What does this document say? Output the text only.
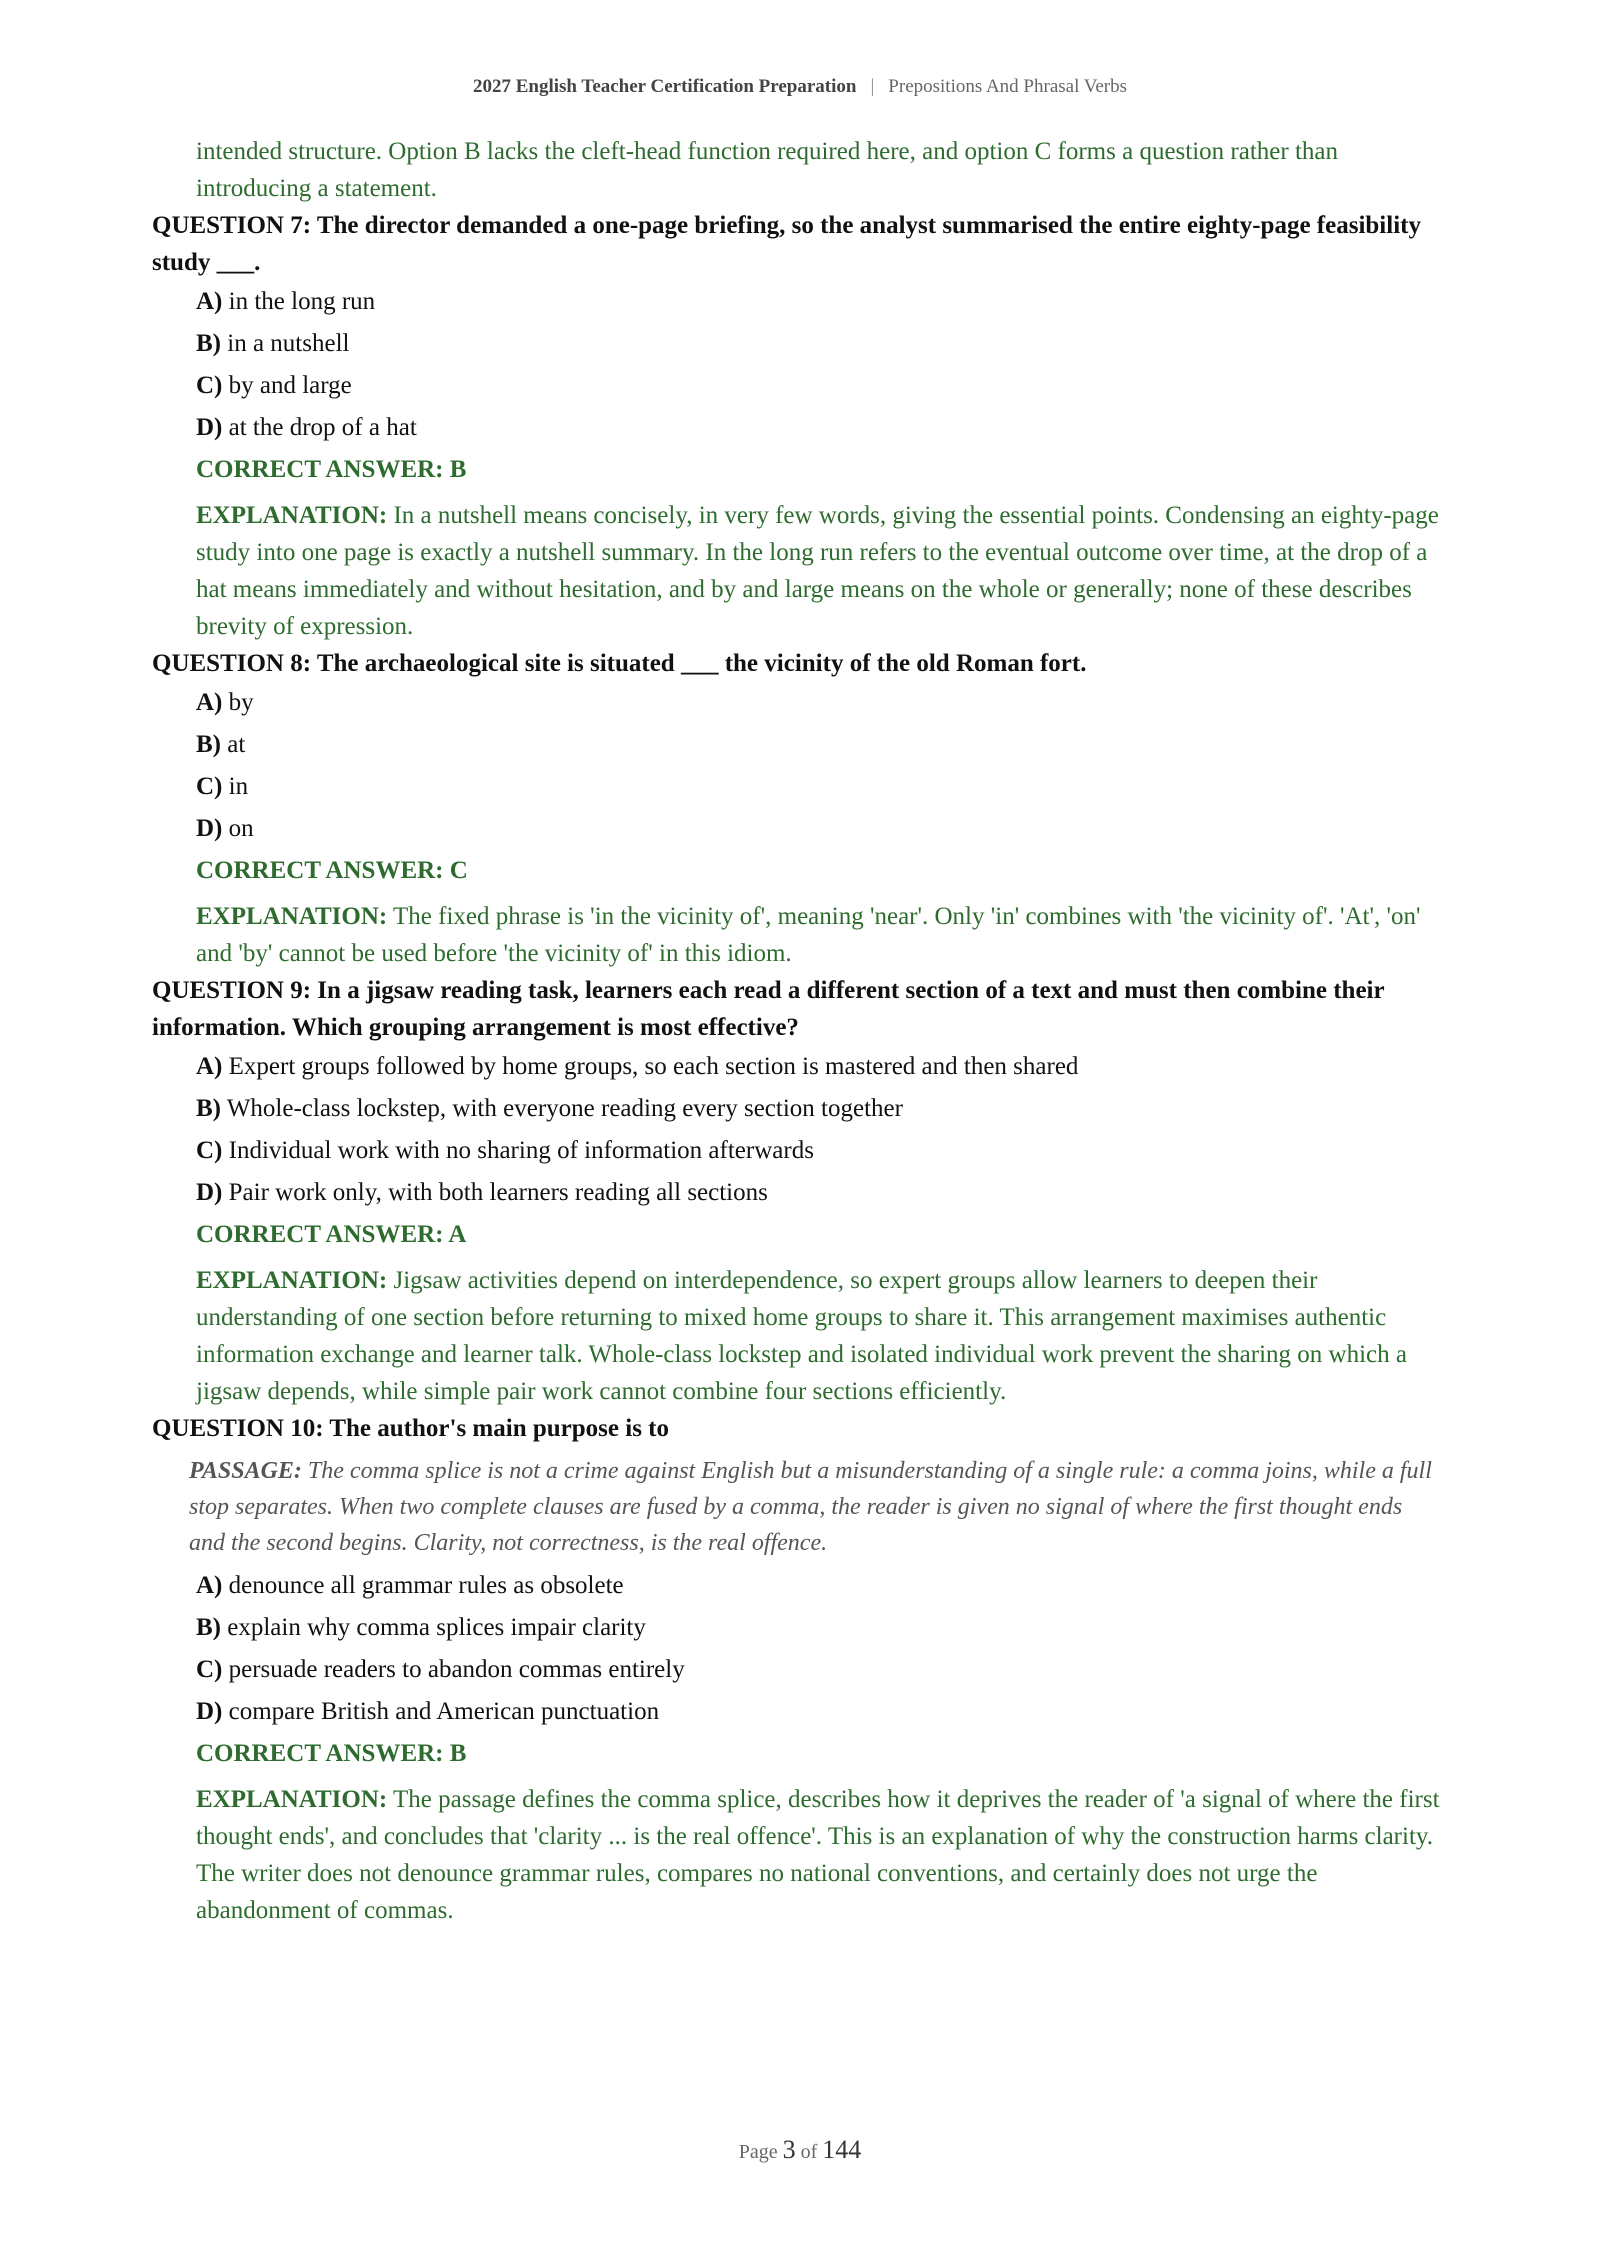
2027 English Teacher Certification Preparation | Prepositions And Phrasal Verbs

intended structure. Option B lacks the cleft-head function required here, and option C forms a question rather than introducing a statement.

QUESTION 7: The director demanded a one-page briefing, so the analyst summarised the entire eighty-page feasibility study ___.

A) in the long run

B) in a nutshell

C) by and large

D) at the drop of a hat

CORRECT ANSWER: B

EXPLANATION: In a nutshell means concisely, in very few words, giving the essential points. Condensing an eighty-page study into one page is exactly a nutshell summary. In the long run refers to the eventual outcome over time, at the drop of a hat means immediately and without hesitation, and by and large means on the whole or generally; none of these describes brevity of expression.

QUESTION 8: The archaeological site is situated ___ the vicinity of the old Roman fort.

A) by

B) at

C) in

D) on

CORRECT ANSWER: C

EXPLANATION: The fixed phrase is 'in the vicinity of', meaning 'near'. Only 'in' combines with 'the vicinity of'. 'At', 'on' and 'by' cannot be used before 'the vicinity of' in this idiom.

QUESTION 9: In a jigsaw reading task, learners each read a different section of a text and must then combine their information. Which grouping arrangement is most effective?

A) Expert groups followed by home groups, so each section is mastered and then shared

B) Whole-class lockstep, with everyone reading every section together

C) Individual work with no sharing of information afterwards

D) Pair work only, with both learners reading all sections

CORRECT ANSWER: A

EXPLANATION: Jigsaw activities depend on interdependence, so expert groups allow learners to deepen their understanding of one section before returning to mixed home groups to share it. This arrangement maximises authentic information exchange and learner talk. Whole-class lockstep and isolated individual work prevent the sharing on which a jigsaw depends, while simple pair work cannot combine four sections efficiently.

QUESTION 10: The author's main purpose is to

PASSAGE: The comma splice is not a crime against English but a misunderstanding of a single rule: a comma joins, while a full stop separates. When two complete clauses are fused by a comma, the reader is given no signal of where the first thought ends and the second begins. Clarity, not correctness, is the real offence.

A) denounce all grammar rules as obsolete

B) explain why comma splices impair clarity

C) persuade readers to abandon commas entirely

D) compare British and American punctuation

CORRECT ANSWER: B

EXPLANATION: The passage defines the comma splice, describes how it deprives the reader of 'a signal of where the first thought ends', and concludes that 'clarity ... is the real offence'. This is an explanation of why the construction harms clarity. The writer does not denounce grammar rules, compares no national conventions, and certainly does not urge the abandonment of commas.

Page 3 of 144
